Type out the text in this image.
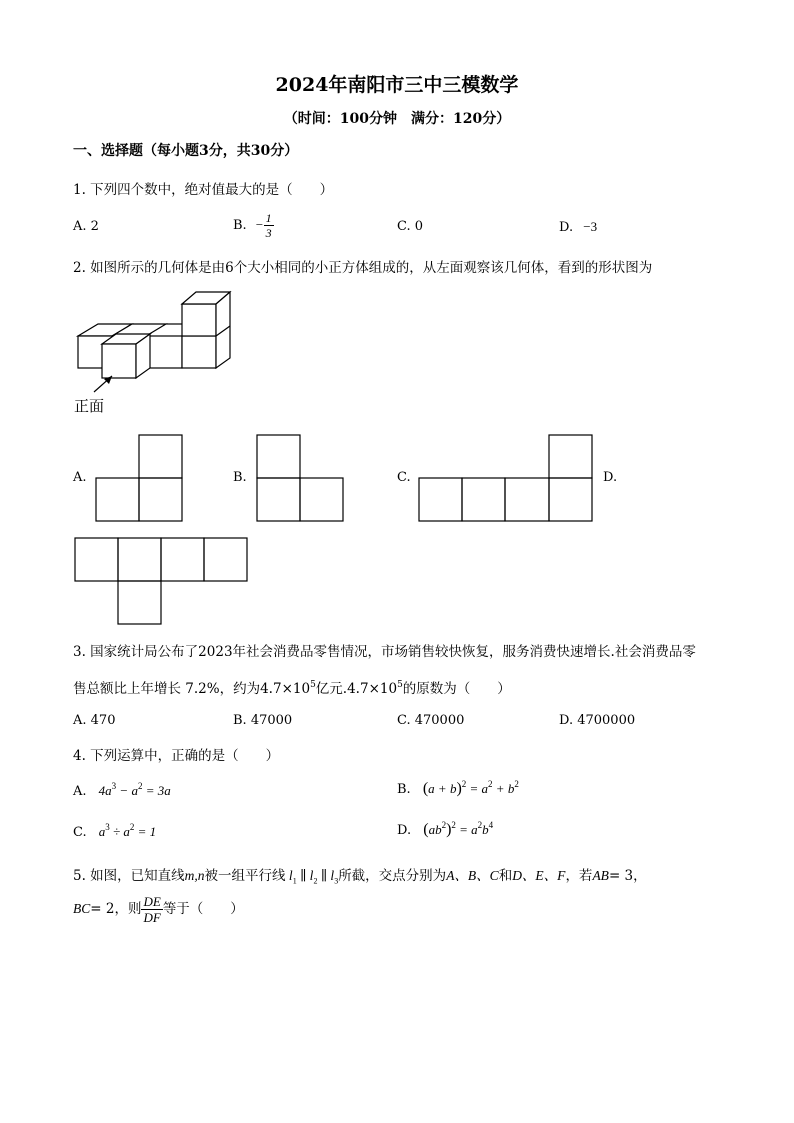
2024年南阳市三中三模数学
（时间：100分钟　满分：120分）
一、选择题（每小题3分，共30分）
1. 下列四个数中，绝对值最大的是（　　）
A. 2	B. − $\frac{1}{3}$	C. 0	D. −3
2. 如图所示的几何体是由6个大小相同的小正方体组成的，从左面观察该几何体，看到的形状图为
正面
A.	B.	C.	D.
3. 国家统计局公布了2023年社会消费品零售情况，市场销售较快恢复，服务消费快速增长.社会消费品零
售总额比上年增长 7.2%，约为$4.7\times 10^5$亿元$.4.7\times 10^5$的原数为（　　）
A. 470	B. 47000	C. 470000	D. 4700000
4. 下列运算中，正确的是（　　）
A. $4a^3 - a^2 = 3a$	B. $(a + b)^2 = a^2 + b^2$
C. $a^3 \div a^2 = 1$	D. $(ab^2)^2 = a^2b^4$
5. 如图，已知直线m,n被一组平行线 $l_1$ ∥ $l_2$ ∥ $l_3$所截，交点分别为A、B、C和D、E、F，若AB= 3，
BC= 2，则 $\frac{DE}{DF}$ 等于（　　）
